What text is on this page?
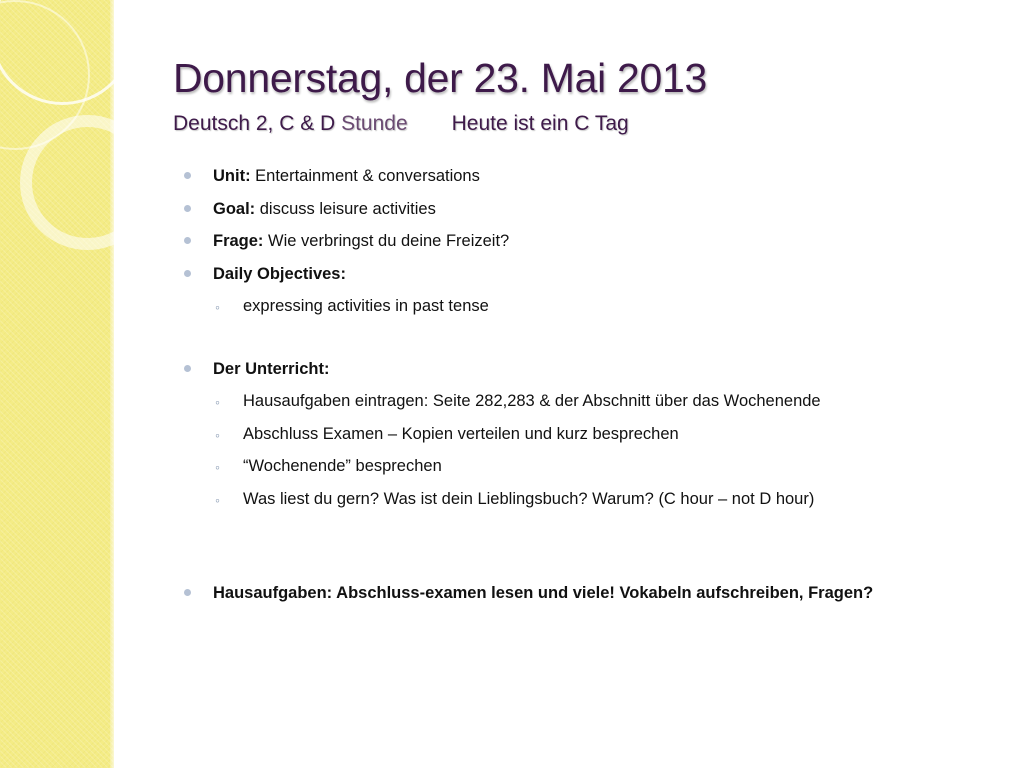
Donnerstag, der 23. Mai 2013
Deutsch 2, C & D Stunde Heute ist ein C Tag
Unit: Entertainment & conversations
Goal: discuss leisure activities
Frage: Wie verbringst du deine Freizeit?
Daily Objectives:
◦ expressing activities in past tense
Der Unterricht:
◦ Hausaufgaben eintragen: Seite 282,283 & der Abschnitt über das Wochenende
◦ Abschluss Examen – Kopien verteilen und kurz besprechen
◦ “Wochenende” besprechen
◦ Was liest du gern? Was ist dein Lieblingsbuch? Warum? (C hour – not D hour)
Hausaufgaben: Abschluss-examen lesen und viele! Vokabeln aufschreiben, Fragen?
